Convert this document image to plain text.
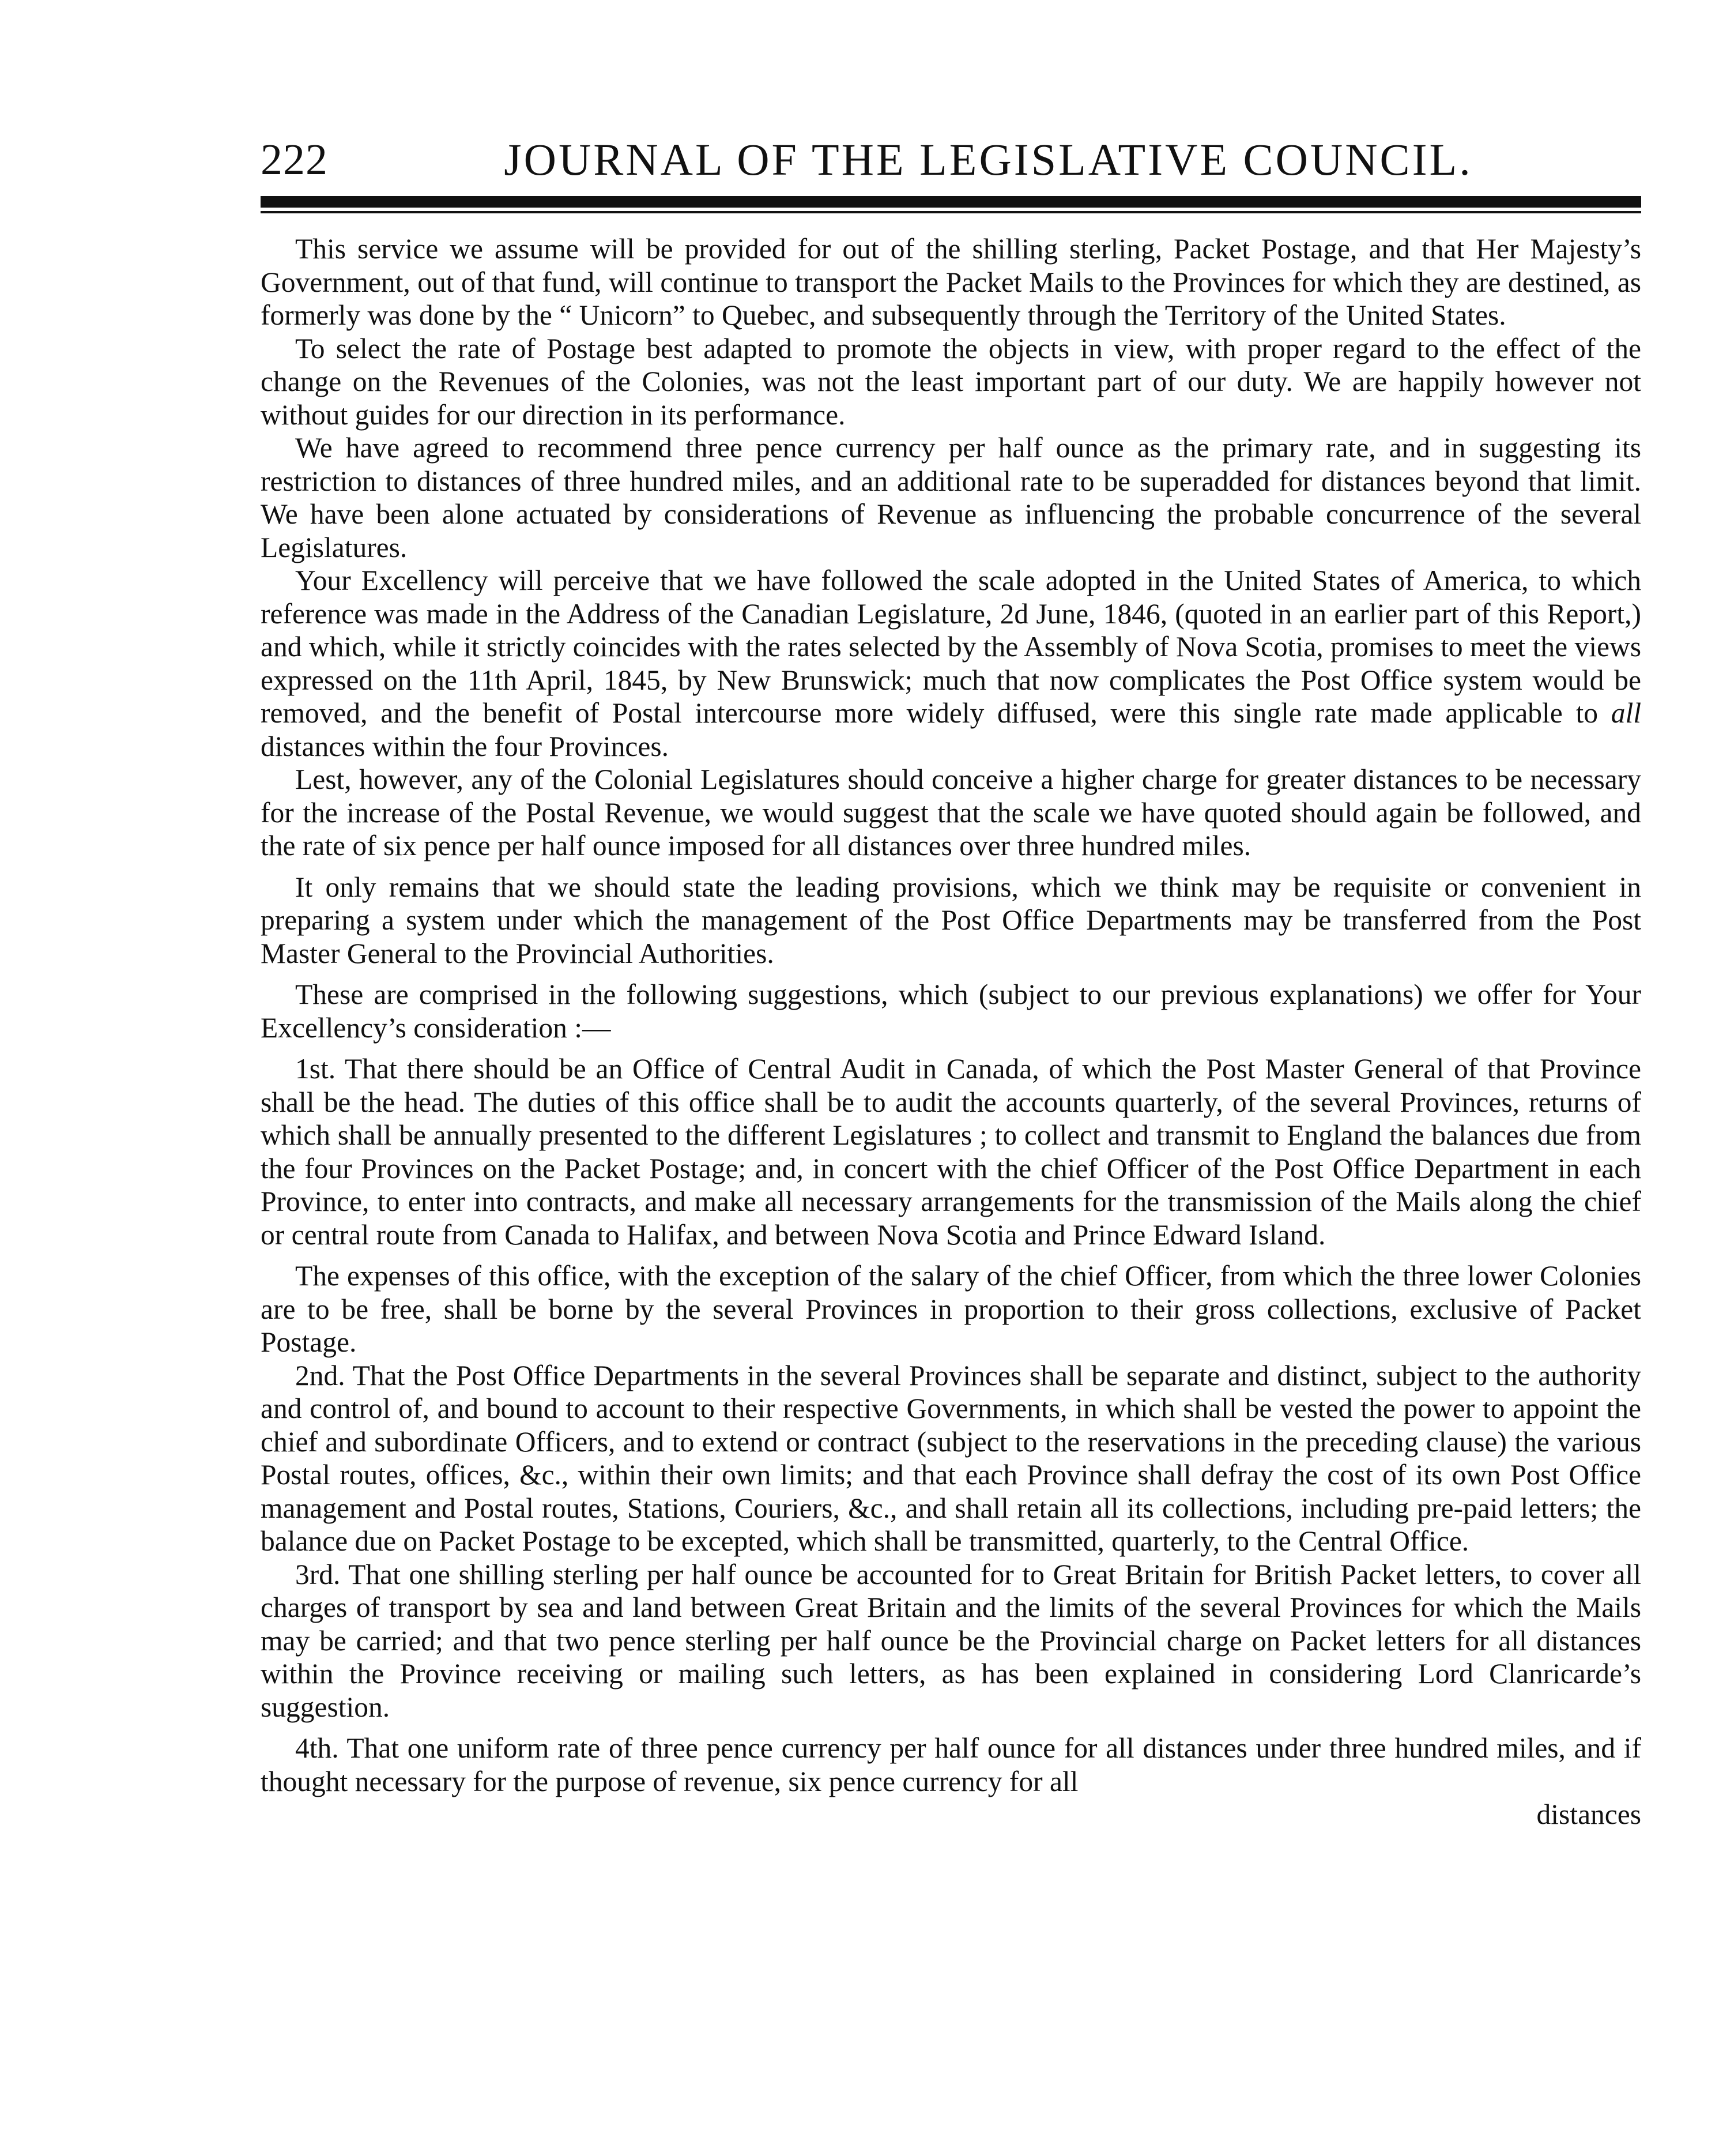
222	JOURNAL OF THE LEGISLATIVE COUNCIL.

This service we assume will be provided for out of the shilling sterling, Packet Postage, and that Her Majesty’s Government, out of that fund, will continue to transport the Packet Mails to the Provinces for which they are destined, as formerly was done by the “ Unicorn” to Quebec, and subsequently through the Territory of the United States.

To select the rate of Postage best adapted to promote the objects in view, with proper regard to the effect of the change on the Revenues of the Colonies, was not the least important part of our duty. We are happily however not without guides for our direction in its performance.

We have agreed to recommend three pence currency per half ounce as the primary rate, and in suggesting its restriction to distances of three hundred miles, and an additional rate to be superadded for distances beyond that limit. We have been alone actuated by considerations of Revenue as influencing the probable concurrence of the several Legislatures.

Your Excellency will perceive that we have followed the scale adopted in the United States of America, to which reference was made in the Address of the Canadian Legislature, 2d June, 1846, (quoted in an earlier part of this Report,) and which, while it strictly coincides with the rates selected by the Assembly of Nova Scotia, promises to meet the views expressed on the 11th April, 1845, by New Brunswick; much that now complicates the Post Office system would be removed, and the benefit of Postal intercourse more widely diffused, were this single rate made applicable to all distances within the four Provinces.

Lest, however, any of the Colonial Legislatures should conceive a higher charge for greater distances to be necessary for the increase of the Postal Revenue, we would suggest that the scale we have quoted should again be followed, and the rate of six pence per half ounce imposed for all distances over three hundred miles.

It only remains that we should state the leading provisions, which we think may be requisite or convenient in preparing a system under which the management of the Post Office Departments may be transferred from the Post Master General to the Provincial Authorities.

These are comprised in the following suggestions, which (subject to our previous explanations) we offer for Your Excellency’s consideration :—

1st. That there should be an Office of Central Audit in Canada, of which the Post Master General of that Province shall be the head. The duties of this office shall be to audit the accounts quarterly, of the several Provinces, returns of which shall be annually presented to the different Legislatures ; to collect and transmit to England the balances due from the four Provinces on the Packet Postage; and, in concert with the chief Officer of the Post Office Department in each Province, to enter into contracts, and make all necessary arrangements for the transmission of the Mails along the chief or central route from Canada to Halifax, and between Nova Scotia and Prince Edward Island.

The expenses of this office, with the exception of the salary of the chief Officer, from which the three lower Colonies are to be free, shall be borne by the several Provinces in proportion to their gross collections, exclusive of Packet Postage.

2nd. That the Post Office Departments in the several Provinces shall be separate and distinct, subject to the authority and control of, and bound to account to their respective Governments, in which shall be vested the power to appoint the chief and subordinate Officers, and to extend or contract (subject to the reservations in the preceding clause) the various Postal routes, offices, &c., within their own limits; and that each Province shall defray the cost of its own Post Office management and Postal routes, Stations, Couriers, &c., and shall retain all its collections, including pre-paid letters; the balance due on Packet Postage to be excepted, which shall be transmitted, quarterly, to the Central Office.

3rd. That one shilling sterling per half ounce be accounted for to Great Britain for British Packet letters, to cover all charges of transport by sea and land between Great Britain and the limits of the several Provinces for which the Mails may be carried; and that two pence sterling per half ounce be the Provincial charge on Packet letters for all distances within the Province receiving or mailing such letters, as has been explained in considering Lord Clanricarde’s suggestion.

4th. That one uniform rate of three pence currency per half ounce for all distances under three hundred miles, and if thought necessary for the purpose of revenue, six pence currency for all

distances
